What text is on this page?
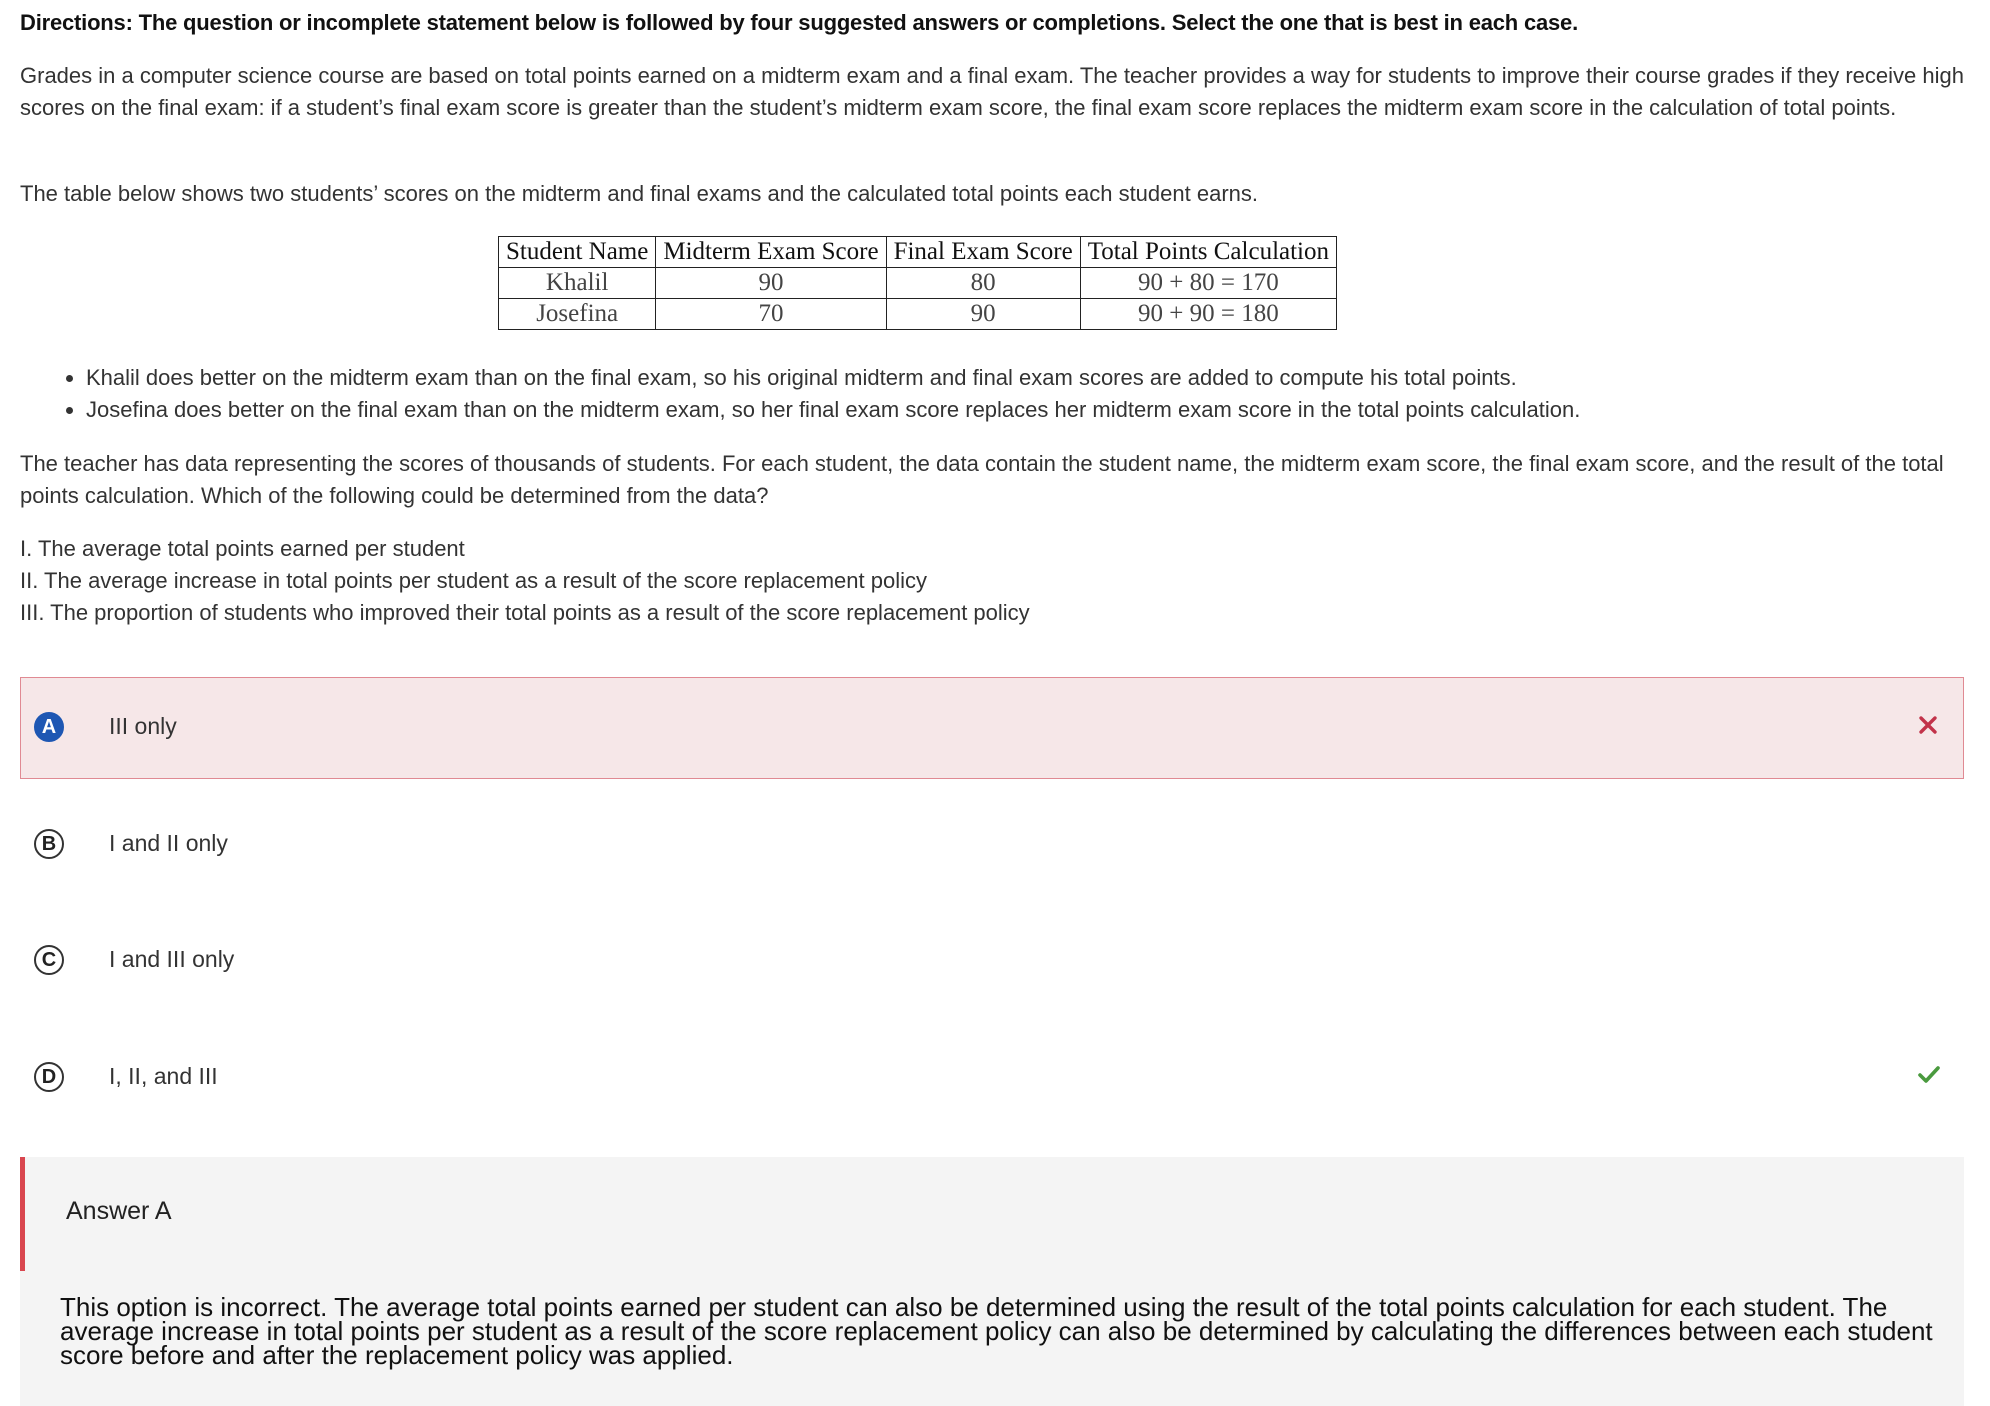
Directions: The question or incomplete statement below is followed by four suggested answers or completions. Select the one that is best in each case.
Grades in a computer science course are based on total points earned on a midterm exam and a final exam. The teacher provides a way for students to improve their course grades if they receive high scores on the final exam: if a student’s final exam score is greater than the student’s midterm exam score, the final exam score replaces the midterm exam score in the calculation of total points.
The table below shows two students’ scores on the midterm and final exams and the calculated total points each student earns.
Student Name	Midterm Exam Score	Final Exam Score	Total Points Calculation
Khalil	90	80	90 + 80 = 170
Josefina	70	90	90 + 90 = 180
• Khalil does better on the midterm exam than on the final exam, so his original midterm and final exam scores are added to compute his total points.
• Josefina does better on the final exam than on the midterm exam, so her final exam score replaces her midterm exam score in the total points calculation.
The teacher has data representing the scores of thousands of students. For each student, the data contain the student name, the midterm exam score, the final exam score, and the result of the total points calculation. Which of the following could be determined from the data?
I. The average total points earned per student
II. The average increase in total points per student as a result of the score replacement policy
III. The proportion of students who improved their total points as a result of the score replacement policy
A	III only
B	I and II only
C	I and III only
D	I, II, and III
Answer A
This option is incorrect. The average total points earned per student can also be determined using the result of the total points calculation for each student. The average increase in total points per student as a result of the score replacement policy can also be determined by calculating the differences between each student score before and after the replacement policy was applied.
